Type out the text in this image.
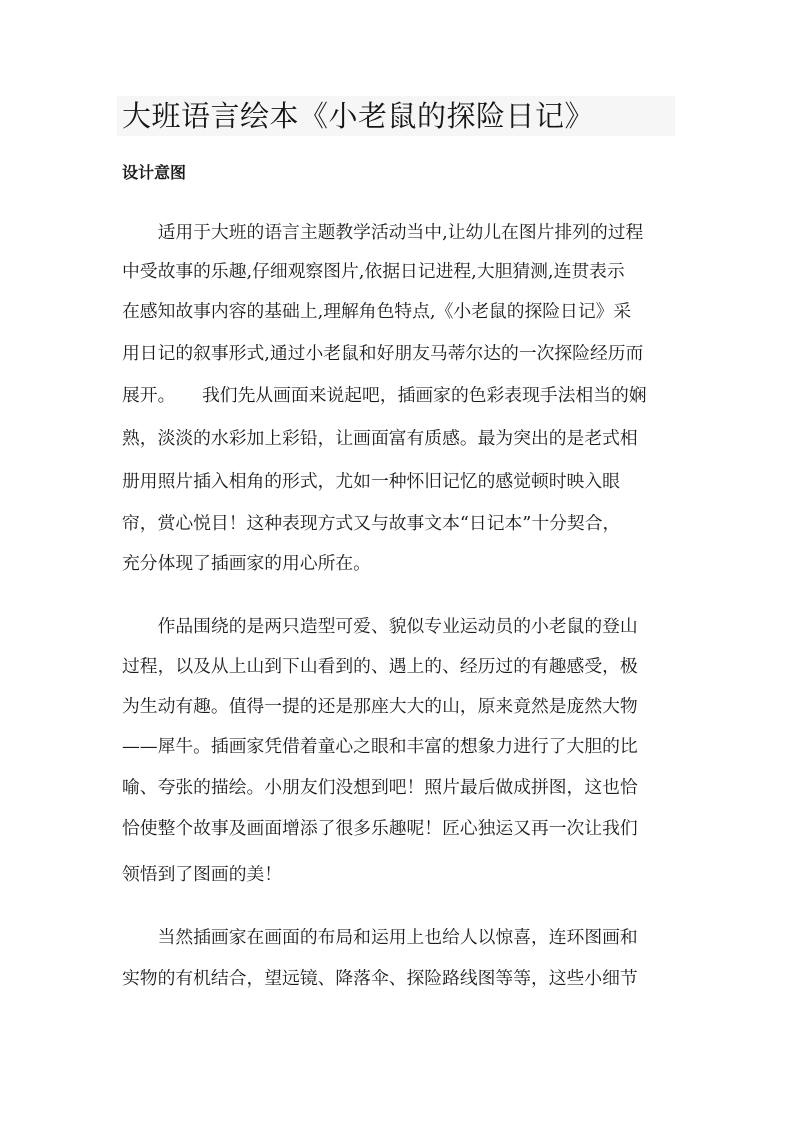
大班语言绘本《小老鼠的探险日记》
设计意图
　　适用于大班的语言主题教学活动当中,让幼儿在图片排列的过程
中受故事的乐趣,仔细观察图片,依据日记进程,大胆猜测,连贯表示
在感知故事内容的基础上,理解角色特点,《小老鼠的探险日记》采
用日记的叙事形式,通过小老鼠和好朋友马蒂尔达的一次探险经历而
展开。　　我们先从画面来说起吧，插画家的色彩表现手法相当的娴
熟，淡淡的水彩加上彩铅，让画面富有质感。最为突出的是老式相
册用照片插入相角的形式，尤如一种怀旧记忆的感觉顿时映入眼
帘，赏心悦目！这种表现方式又与故事文本“日记本”十分契合，
充分体现了插画家的用心所在。
　　作品围绕的是两只造型可爱、貌似专业运动员的小老鼠的登山
过程，以及从上山到下山看到的、遇上的、经历过的有趣感受，极
为生动有趣。值得一提的还是那座大大的山，原来竟然是庞然大物
——犀牛。插画家凭借着童心之眼和丰富的想象力进行了大胆的比
喻、夸张的描绘。小朋友们没想到吧！照片最后做成拼图，这也恰
恰使整个故事及画面增添了很多乐趣呢！匠心独运又再一次让我们
领悟到了图画的美！
　　当然插画家在画面的布局和运用上也给人以惊喜，连环图画和
实物的有机结合，望远镜、降落伞、探险路线图等等，这些小细节
